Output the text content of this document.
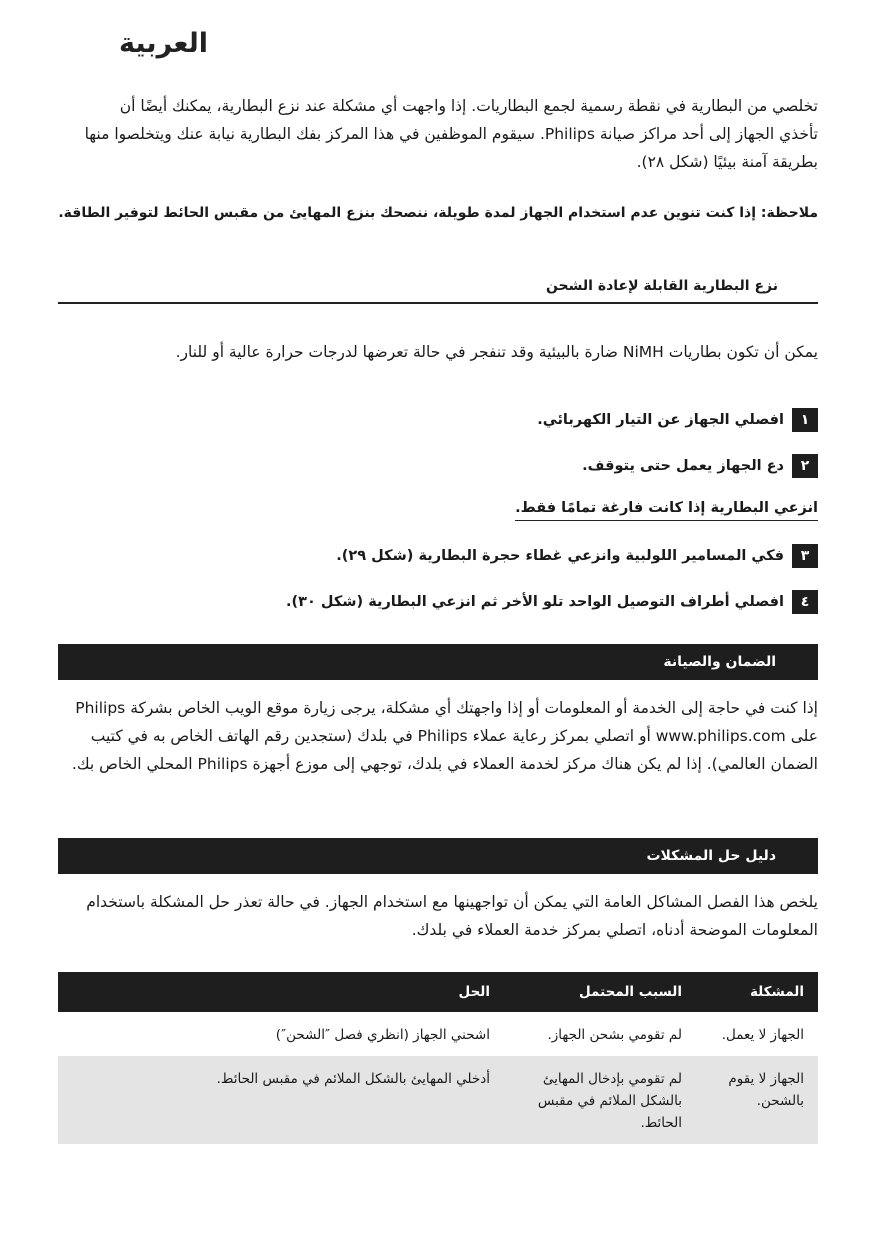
العربية
تخلصي من البطارية في نقطة رسمية لجمع البطاريات. إذا واجهت أي مشكلة عند نزع البطارية، يمكنك أيضًا أن تأخذي الجهاز إلى أحد مراكز صيانة Philips. سيقوم الموظفين في هذا المركز بفك البطارية نيابة عنك ويتخلصوا منها بطريقة آمنة بيئيًا (شكل ٢٨).
ملاحظة: إذا كنت تنوين عدم استخدام الجهاز لمدة طويلة، ننصحك بنزع المهايئ من مقبس الحائط لتوفير الطاقة.
نزع البطارية القابلة لإعادة الشحن
يمكن أن تكون بطاريات NiMH ضارة بالبيئية وقد تنفجر في حالة تعرضها لدرجات حرارة عالية أو للنار.
١
افصلي الجهاز عن التيار الكهربائي.
٢
دع الجهاز يعمل حتى يتوقف.
انزعي البطارية إذا كانت فارغة تمامًا فقط.
٣
فكي المسامير اللولبية وانزعي غطاء حجرة البطارية (شكل ٢٩).
٤
افصلي أطراف التوصيل الواحد تلو الأخر ثم انزعي البطارية (شكل ٣٠).
الضمان والصيانة
إذا كنت في حاجة إلى الخدمة أو المعلومات أو إذا واجهتك أي مشكلة، يرجى زيارة موقع الويب الخاص بشركة Philips على www.philips.com أو اتصلي بمركز رعاية عملاء Philips في بلدك (ستجدين رقم الهاتف الخاص به في كتيب الضمان العالمي). إذا لم يكن هناك مركز لخدمة العملاء في بلدك، توجهي إلى موزع أجهزة Philips المحلي الخاص بك.
دليل حل المشكلات
يلخص هذا الفصل المشاكل العامة التي يمكن أن تواجهينها مع استخدام الجهاز. في حالة تعذر حل المشكلة باستخدام المعلومات الموضحة أدناه، اتصلي بمركز خدمة العملاء في بلدك.
المشكلة	السبب المحتمل	الحل
الجهاز لا يعمل.	لم تقومي بشحن الجهاز.	اشحني الجهاز (انظري فصل ″الشحن″)
الجهاز لا يقوم بالشحن.	لم تقومي بإدخال المهايئ بالشكل الملائم في مقبس الحائط.	أدخلي المهايئ بالشكل الملائم في مقبس الحائط.
